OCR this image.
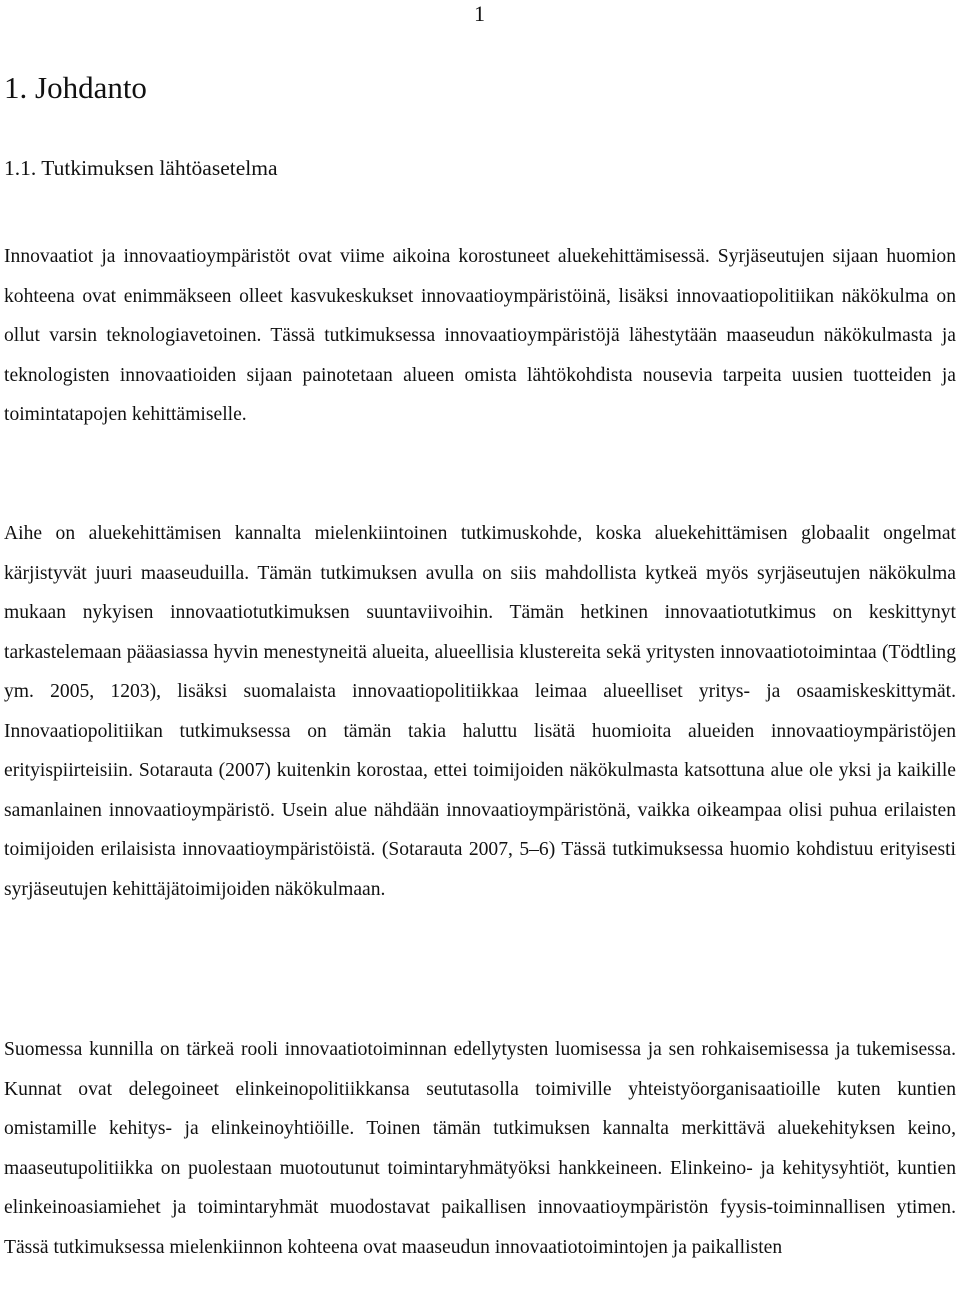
1
1. Johdanto
1.1. Tutkimuksen lähtöasetelma

Innovaatiot ja innovaatioympäristöt ovat viime aikoina korostuneet aluekehittämisessä. Syrjäseutujen sijaan huomion kohteena ovat enimmäkseen olleet kasvukeskukset innovaatioympäristöinä, lisäksi innovaatiopolitiikan näkökulma on ollut varsin teknologiavetoinen. Tässä tutkimuksessa innovaatioympäristöjä lähestytään maaseudun näkökulmasta ja teknologisten innovaatioiden sijaan painotetaan alueen omista lähtökohdista nousevia tarpeita uusien tuotteiden ja toimintatapojen kehittämiselle.

Aihe on aluekehittämisen kannalta mielenkiintoinen tutkimuskohde, koska aluekehittämisen globaalit ongelmat kärjistyvät juuri maaseuduilla. Tämän tutkimuksen avulla on siis mahdollista kytkeä myös syrjäseutujen näkökulma mukaan nykyisen innovaatiotutkimuksen suuntaviivoihin. Tämän hetkinen innovaatiotutkimus on keskittynyt tarkastelemaan pääasiassa hyvin menestyneitä alueita, alueellisia klustereita sekä yritysten innovaatiotoimintaa (Tödtling ym. 2005, 1203), lisäksi suomalaista innovaatiopolitiikkaa leimaa alueelliset yritys- ja osaamiskeskittymät. Innovaatiopolitiikan tutkimuksessa on tämän takia haluttu lisätä huomioita alueiden innovaatioympäristöjen erityispiirteisiin. Sotarauta (2007) kuitenkin korostaa, ettei toimijoiden näkökulmasta katsottuna alue ole yksi ja kaikille samanlainen innovaatioympäristö. Usein alue nähdään innovaatioympäristönä, vaikka oikeampaa olisi puhua erilaisten toimijoiden erilaisista innovaatioympäristöistä. (Sotarauta 2007, 5–6) Tässä tutkimuksessa huomio kohdistuu erityisesti syrjäseutujen kehittäjätoimijoiden näkökulmaan.

Suomessa kunnilla on tärkeä rooli innovaatiotoiminnan edellytysten luomisessa ja sen rohkaisemisessa ja tukemisessa. Kunnat ovat delegoineet elinkeinopolitiikkansa seututasolla toimiville yhteistyöorganisaatioille kuten kuntien omistamille kehitys- ja elinkeinoyhtiöille. Toinen tämän tutkimuksen kannalta merkittävä aluekehityksen keino, maaseutupolitiikka on puolestaan muotoutunut toimintaryhmätyöksi hankkeineen. Elinkeino- ja kehitysyhtiöt, kuntien elinkeinoasiamiehet ja toimintaryhmät muodostavat paikallisen innovaatioympäristön fyysis-toiminnallisen ytimen. Tässä tutkimuksessa mielenkiinnon kohteena ovat maaseudun innovaatiotoimintojen ja paikallisten
